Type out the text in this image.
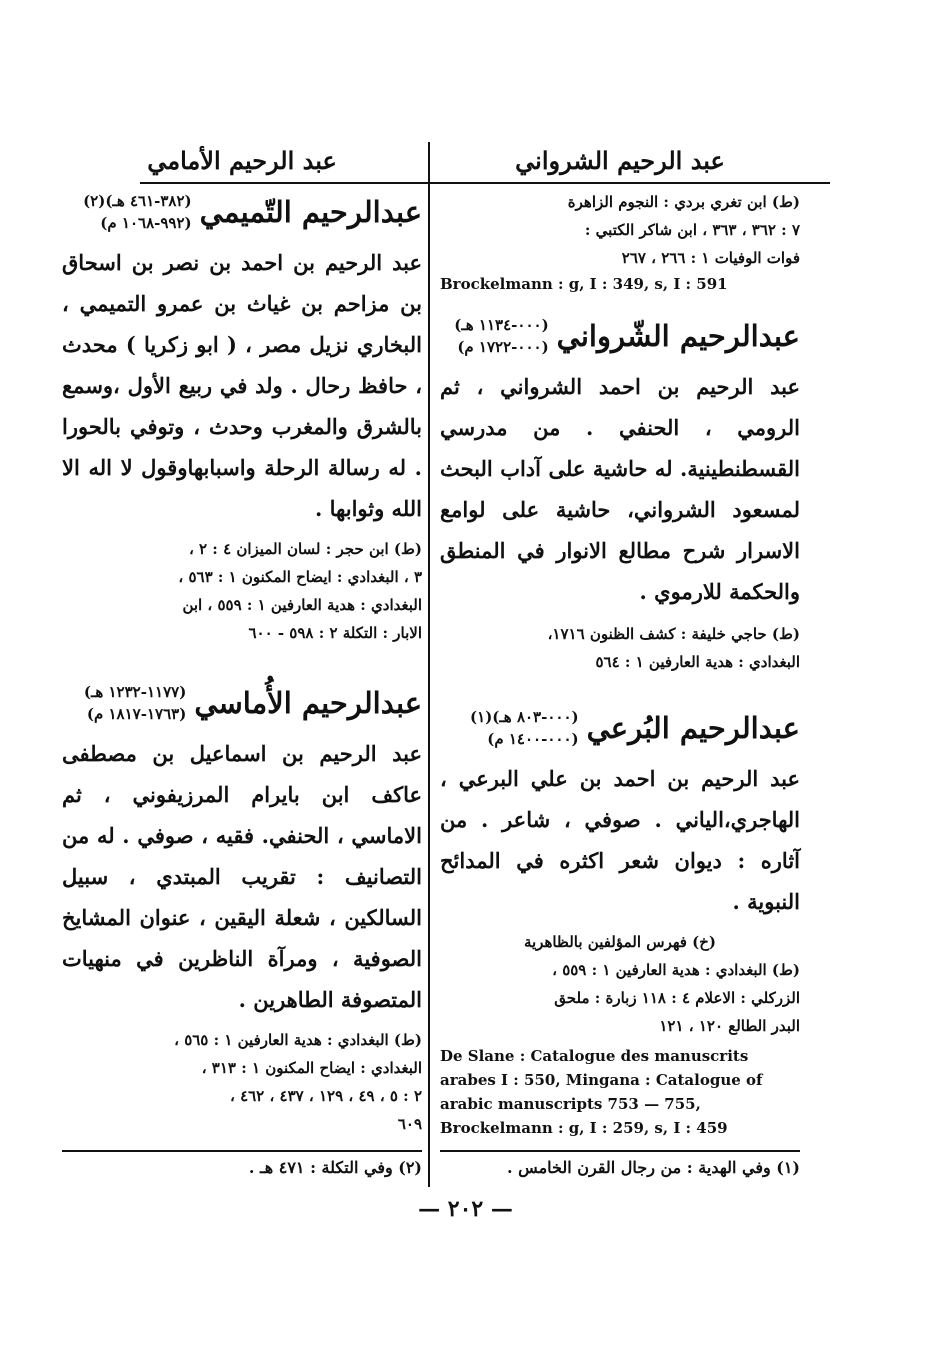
عبد الرحيم الشرواني

(ط) ابن تغري بردي : النجوم الزاهرة

٧ : ٣٦٢ ، ٣٦٣ ، ابن شاكر الكتبي :

فوات الوفيات ١ : ٢٦٦ ، ٢٦٧

Brockelmann : g, I : 349, s, I : 591

عبدالرحيم الشّرواني
(٠٠٠-١١٣٤ هـ)
(٠٠٠-١٧٢٢ م)

عبد الرحيم بن احمد الشرواني ، ثم الرومي ، الحنفي . من مدرسي القسطنطينية. له حاشية على آداب البحث لمسعود الشرواني، حاشية على لوامع الاسرار شرح مطالع الانوار في المنطق والحكمة للارموي .

(ط) حاجي خليفة : كشف الظنون ١٧١٦،

البغدادي : هدية العارفين ١ : ٥٦٤

عبدالرحيم البُرعي
(٠٠٠-٨٠٣ هـ)(١)
(٠٠٠-١٤٠٠ م)

عبد الرحيم بن احمد بن علي البرعي ، الهاجري،الياني . صوفي ، شاعر . من آثاره : ديوان شعر اكثره في المدائح النبوية .

(خ) فهرس المؤلفين بالظاهرية

(ط) البغدادي : هدية العارفين ١ : ٥٥٩ ،

الزركلي : الاعلام ٤ : ١١٨ زبارة : ملحق

البدر الطالع ١٢٠ ، ١٢١

De Slane : Catalogue des manuscrits arabes I : 550, Mingana : Catalogue of arabic manuscripts 753 — 755, Brockelmann : g, I : 259, s, I : 459

عبد الرحيم الأمامي
عبدالرحيم التّميمي
(٣٨٢-٤٦١ هـ)(٢)
(٩٩٢-١٠٦٨ م)

عبد الرحيم بن احمد بن نصر بن اسحاق بن مزاحم بن غياث بن عمرو التميمي ، البخاري نزيل مصر ، ( ابو زكريا ) محدث ، حافظ رحال . ولد في ربيع الأول ،وسمع بالشرق والمغرب وحدث ، وتوفي بالحورا . له رسالة الرحلة واسبابهاوقول لا اله الا الله وثوابها .

(ط) ابن حجر : لسان الميزان ٤ : ٢ ،

٣ ، البغدادي : ايضاح المكنون ١ : ٥٦٣ ،

البغدادي : هدية العارفين ١ : ٥٥٩ ، ابن

الابار : التكلة ٢ : ٥٩٨ - ٦٠٠

عبدالرحيم الأُماسي
(١١٧٧-١٢٣٢ هـ)
(١٧٦٣-١٨١٧ م)

عبد الرحيم بن اسماعيل بن مصطفى عاكف ابن بايرام المرزيفوني ، ثم الاماسي ، الحنفي. فقيه ، صوفي . له من التصانيف : تقريب المبتدي ، سبيل السالكين ، شعلة اليقين ، عنوان المشايخ الصوفية ، ومرآة الناظرين في منهيات المتصوفة الطاهرين .

(ط) البغدادي : هدية العارفين ١ : ٥٦٥ ،

البغدادي : ايضاح المكنون ١ : ٣١٣ ،

٢ : ٥ ، ٤٩ ، ١٢٩ ، ٤٣٧ ، ٤٦٢ ،

٦٠٩

(١) وفي الهدية : من رجال القرن الخامس .
(٢) وفي التكلة : ٤٧١ هـ .
— ٢٠٢ —
